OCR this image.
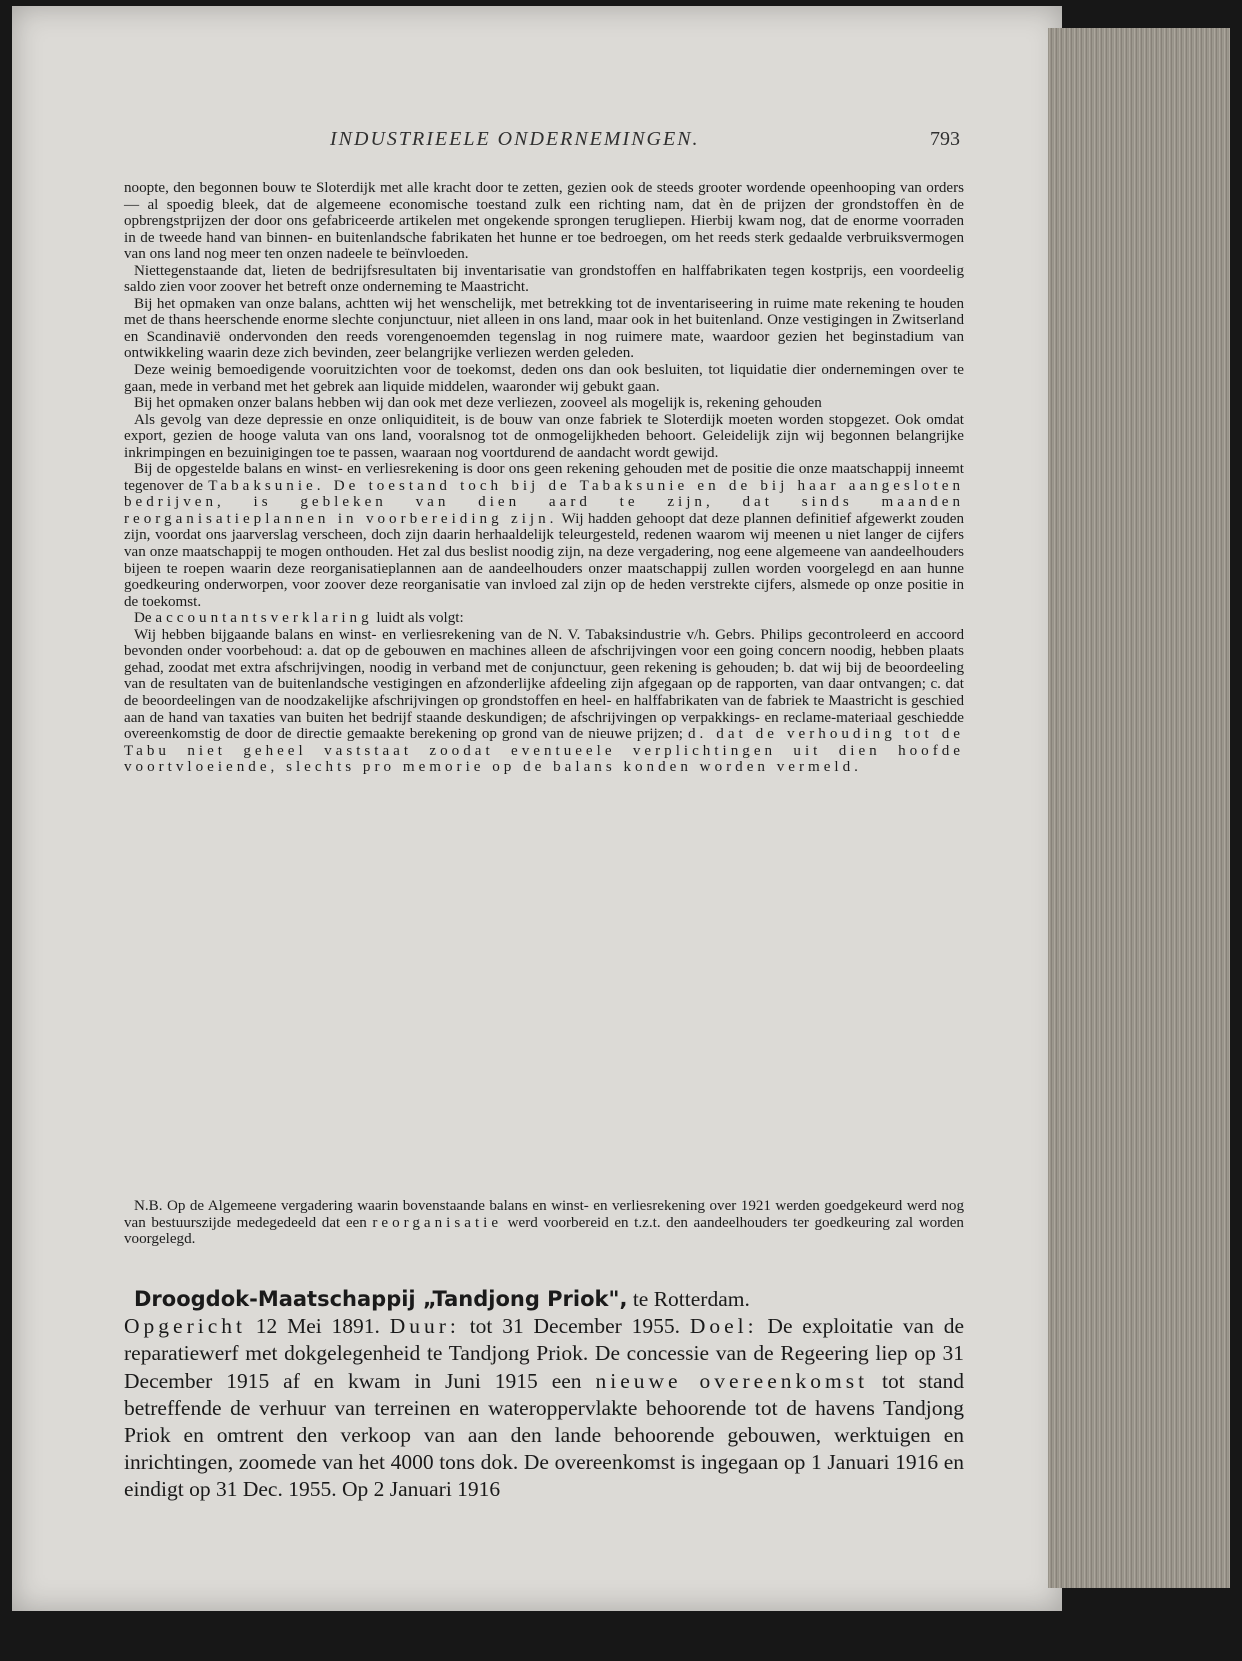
INDUSTRIEELE ONDERNEMINGEN.	793

noopte, den begonnen bouw te Sloterdijk met alle kracht door te zetten, gezien ook de steeds grooter wordende opeenhooping van orders — al spoedig bleek, dat de algemeene economische toestand zulk een richting nam, dat èn de prijzen der grondstoffen èn de opbrengstprijzen der door ons gefabriceerde artikelen met ongekende sprongen terugliepen. Hierbij kwam nog, dat de enorme voorraden in de tweede hand van binnen- en buitenlandsche fabrikaten het hunne er toe bedroegen, om het reeds sterk gedaalde verbruiksvermogen van ons land nog meer ten onzen nadeele te beïnvloeden.

Niettegenstaande dat, lieten de bedrijfsresultaten bij inventarisatie van grondstoffen en halffabrikaten tegen kostprijs, een voordeelig saldo zien voor zoover het betreft onze onderneming te Maastricht.

Bij het opmaken van onze balans, achtten wij het wenschelijk, met betrekking tot de inventariseering in ruime mate rekening te houden met de thans heerschende enorme slechte conjunctuur, niet alleen in ons land, maar ook in het buitenland. Onze vestigingen in Zwitserland en Scandinavië ondervonden den reeds vorengenoemden tegenslag in nog ruimere mate, waardoor gezien het beginstadium van ontwikkeling waarin deze zich bevinden, zeer belangrijke verliezen werden geleden.

Deze weinig bemoedigende vooruitzichten voor de toekomst, deden ons dan ook besluiten, tot liquidatie dier ondernemingen over te gaan, mede in verband met het gebrek aan liquide middelen, waaronder wij gebukt gaan.

Bij het opmaken onzer balans hebben wij dan ook met deze verliezen, zooveel als mogelijk is, rekening gehouden

Als gevolg van deze depressie en onze onliquiditeit, is de bouw van onze fabriek te Sloterdijk moeten worden stopgezet. Ook omdat export, gezien de hooge valuta van ons land, vooralsnog tot de onmogelijkheden behoort. Geleidelijk zijn wij begonnen belangrijke inkrimpingen en bezuinigingen toe te passen, waaraan nog voortdurend de aandacht wordt gewijd.

Bij de opgestelde balans en winst- en verliesrekening is door ons geen rekening gehouden met de positie die onze maatschappij inneemt tegenover de Tabaksunie. De toestand toch bij de Tabaksunie en de bij haar aangesloten bedrijven, is gebleken van dien aard te zijn, dat sinds maanden reorganisatieplannen in voorbereiding zijn. Wij hadden gehoopt dat deze plannen definitief afgewerkt zouden zijn, voordat ons jaarverslag verscheen, doch zijn daarin herhaaldelijk teleurgesteld, redenen waarom wij meenen u niet langer de cijfers van onze maatschappij te mogen onthouden. Het zal dus beslist noodig zijn, na deze vergadering, nog eene algemeene van aandeelhouders bijeen te roepen waarin deze reorganisatieplannen aan de aandeelhouders onzer maatschappij zullen worden voorgelegd en aan hunne goedkeuring onderworpen, voor zoover deze reorganisatie van invloed zal zijn op de heden verstrekte cijfers, alsmede op onze positie in de toekomst.

De accountantsverklaring luidt als volgt:

Wij hebben bijgaande balans en winst- en verliesrekening van de N. V. Tabaksindustrie v/h. Gebrs. Philips gecontroleerd en accoord bevonden onder voorbehoud: a. dat op de gebouwen en machines alleen de afschrijvingen voor een going concern noodig, hebben plaats gehad, zoodat met extra afschrijvingen, noodig in verband met de conjunctuur, geen rekening is gehouden; b. dat wij bij de beoordeeling van de resultaten van de buitenlandsche vestigingen en afzonderlijke afdeeling zijn afgegaan op de rapporten, van daar ontvangen; c. dat de beoordeelingen van de noodzakelijke afschrijvingen op grondstoffen en heel- en halffabrikaten van de fabriek te Maastricht is geschied aan de hand van taxaties van buiten het bedrijf staande deskundigen; de afschrijvingen op verpakkings- en reclame-materiaal geschiedde overeenkomstig de door de directie gemaakte berekening op grond van de nieuwe prijzen; d. dat de verhouding tot de Tabu niet geheel vaststaat zoodat eventueele verplichtingen uit dien hoofde voortvloeiende, slechts pro memorie op de balans konden worden vermeld.

N.B. Op de Algemeene vergadering waarin bovenstaande balans en winst- en verliesrekening over 1921 werden goedgekeurd werd nog van bestuurszijde medegedeeld dat een reorganisatie werd voorbereid en t.z.t. den aandeelhouders ter goedkeuring zal worden voorgelegd.

Droogdok-Maatschappij „Tandjong Priok", te Rotterdam.
Opgericht 12 Mei 1891. Duur: tot 31 December 1955. Doel: De exploitatie van de reparatiewerf met dokgelegenheid te Tandjong Priok. De concessie van de Regeering liep op 31 December 1915 af en kwam in Juni 1915 een nieuwe overeenkomst tot stand betreffende de verhuur van terreinen en wateroppervlakte behoorende tot de havens Tandjong Priok en omtrent den verkoop van aan den lande behoorende gebouwen, werktuigen en inrichtingen, zoomede van het 4000 tons dok. De overeenkomst is ingegaan op 1 Januari 1916 en eindigt op 31 Dec. 1955. Op 2 Januari 1916
